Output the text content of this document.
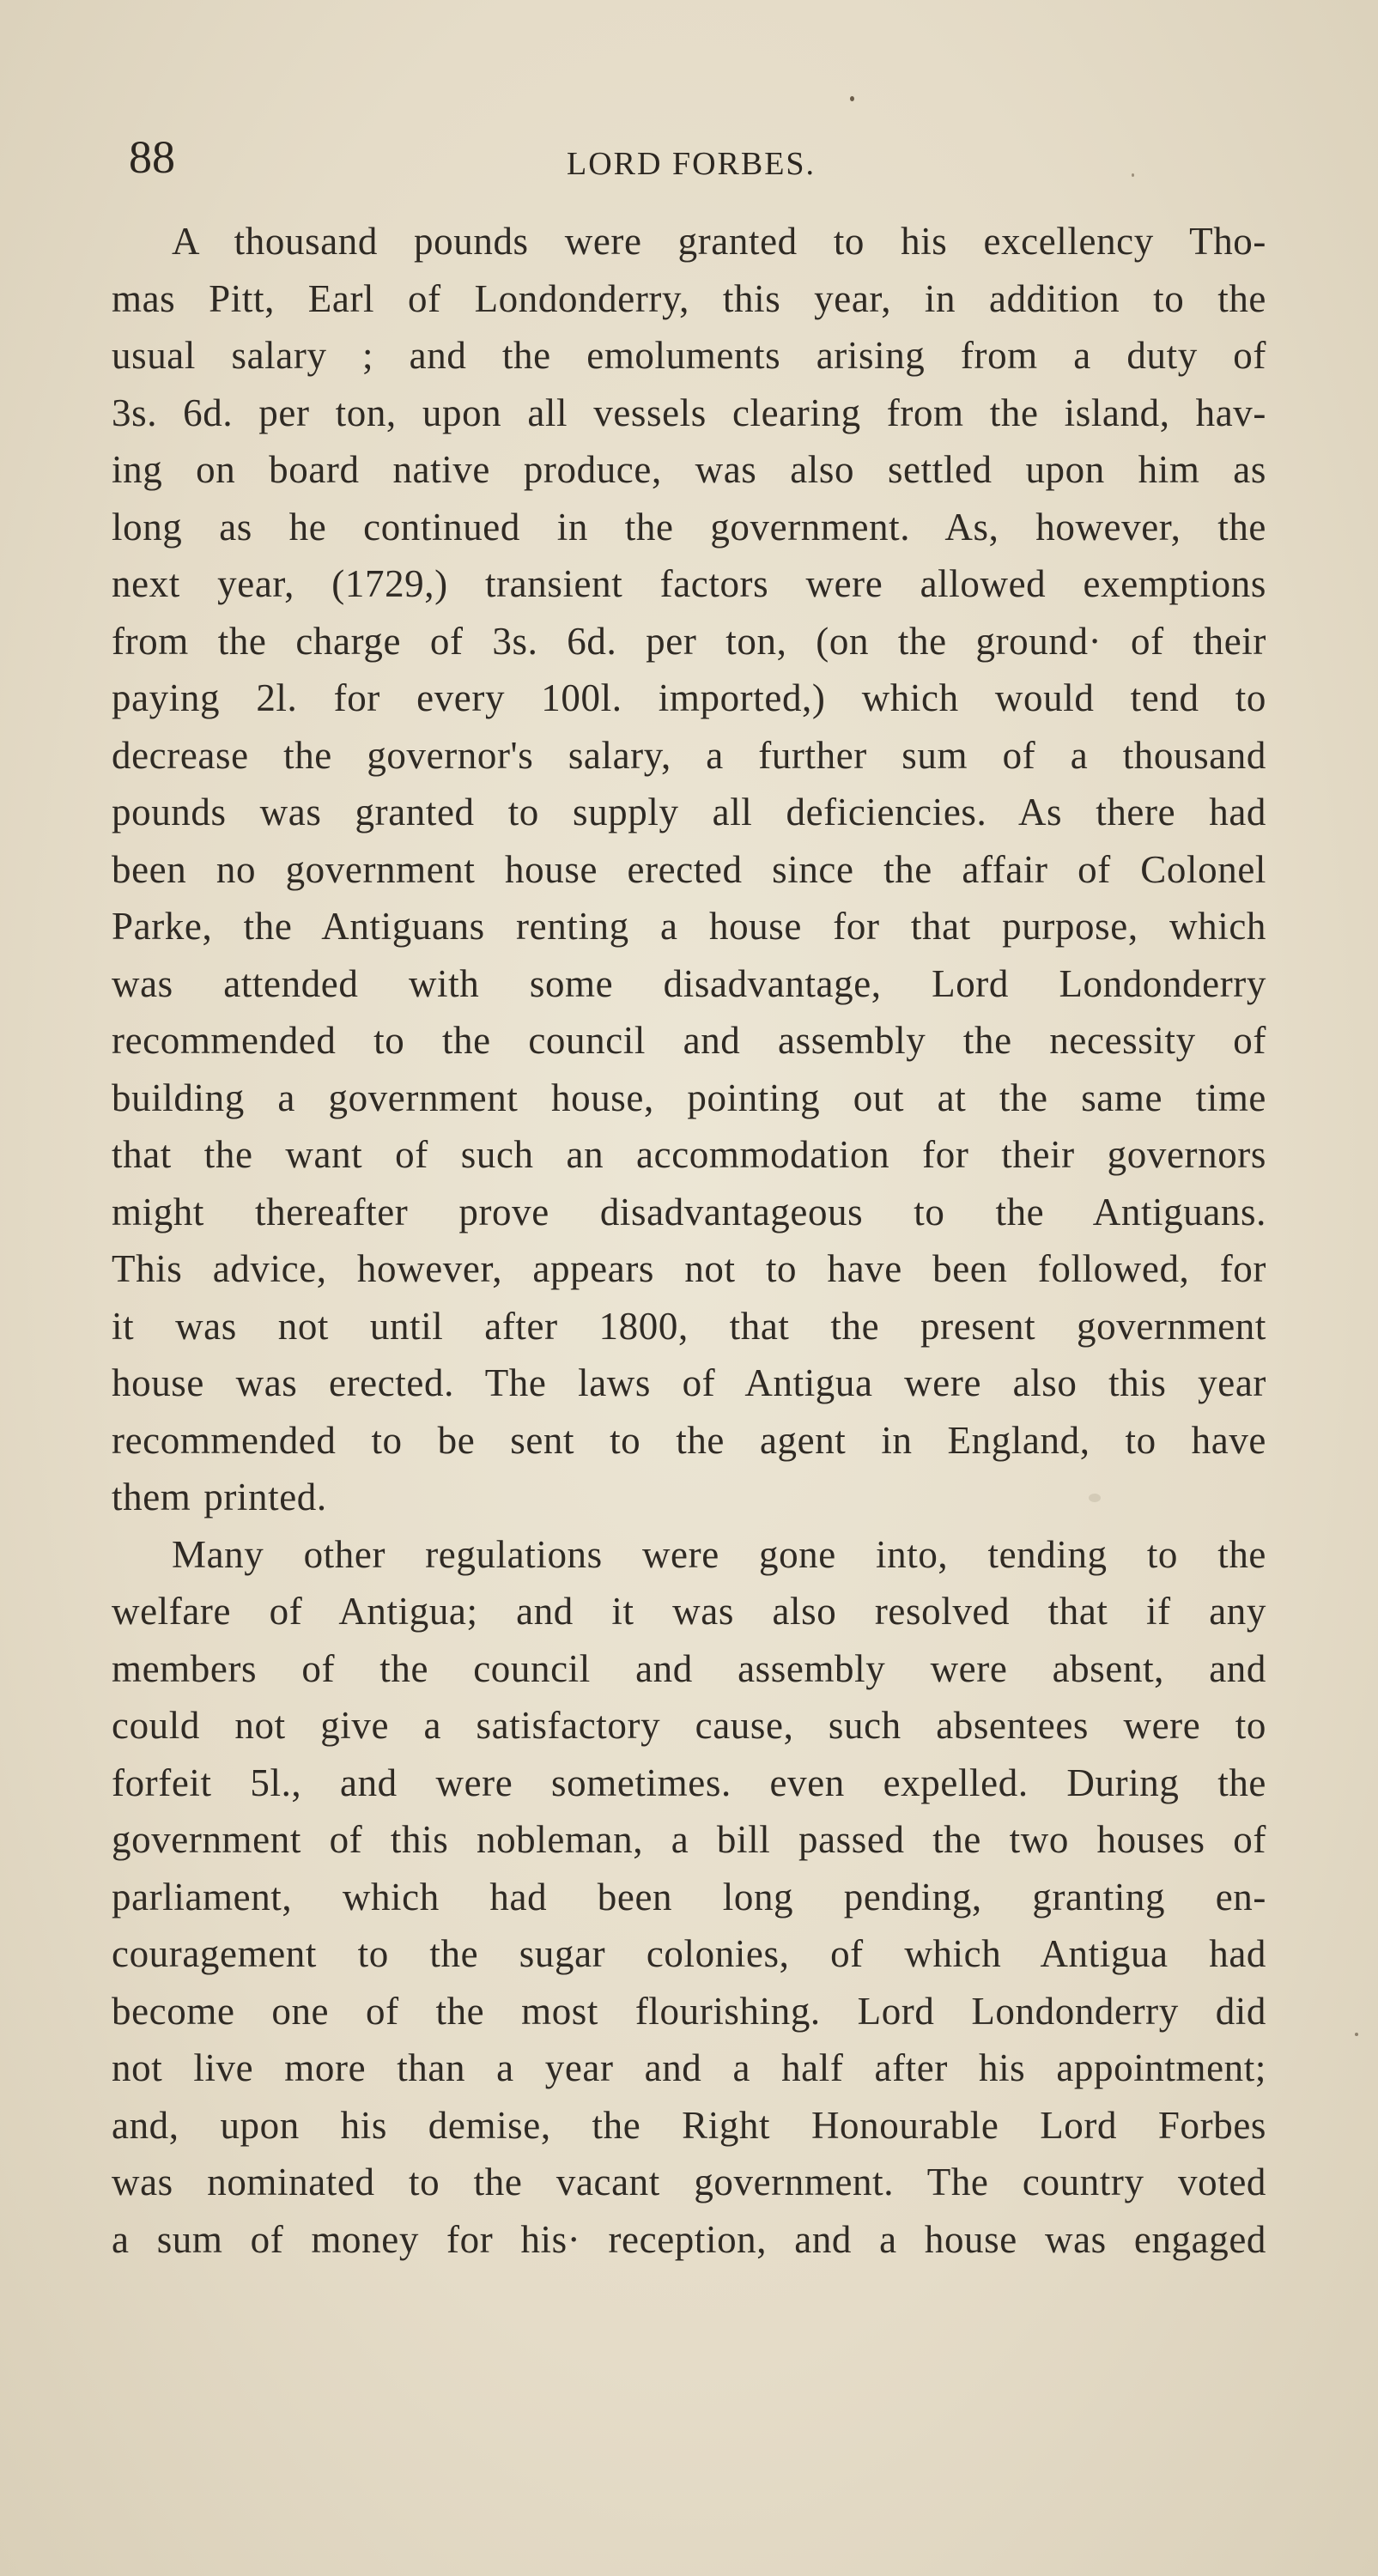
88	LORD FORBES.
A thousand pounds were granted to his excellency Tho-
mas Pitt, Earl of Londonderry, this year, in addition to the
usual salary ; and the emoluments arising from a duty of
3s. 6d. per ton, upon all vessels clearing from the island, hav-
ing on board native produce, was also settled upon him as
long as he continued in the government. As, however, the
next year, (1729,) transient factors were allowed exemptions
from the charge of 3s. 6d. per ton, (on the ground· of their
paying 2l. for every 100l. imported,) which would tend to
decrease the governor's salary, a further sum of a thousand
pounds was granted to supply all deficiencies. As there had
been no government house erected since the affair of Colonel
Parke, the Antiguans renting a house for that purpose, which
was attended with some disadvantage, Lord Londonderry
recommended to the council and assembly the necessity of
building a government house, pointing out at the same time
that the want of such an accommodation for their governors
might thereafter prove disadvantageous to the Antiguans.
This advice, however, appears not to have been followed, for
it was not until after 1800, that the present government
house was erected. The laws of Antigua were also this year
recommended to be sent to the agent in England, to have
them printed.
Many other regulations were gone into, tending to the
welfare of Antigua; and it was also resolved that if any
members of the council and assembly were absent, and
could not give a satisfactory cause, such absentees were to
forfeit 5l., and were sometimes. even expelled. During the
government of this nobleman, a bill passed the two houses of
parliament, which had been long pending, granting en-
couragement to the sugar colonies, of which Antigua had
become one of the most flourishing. Lord Londonderry did
not live more than a year and a half after his appointment;
and, upon his demise, the Right Honourable Lord Forbes
was nominated to the vacant government. The country voted
a sum of money for his· reception, and a house was engaged
